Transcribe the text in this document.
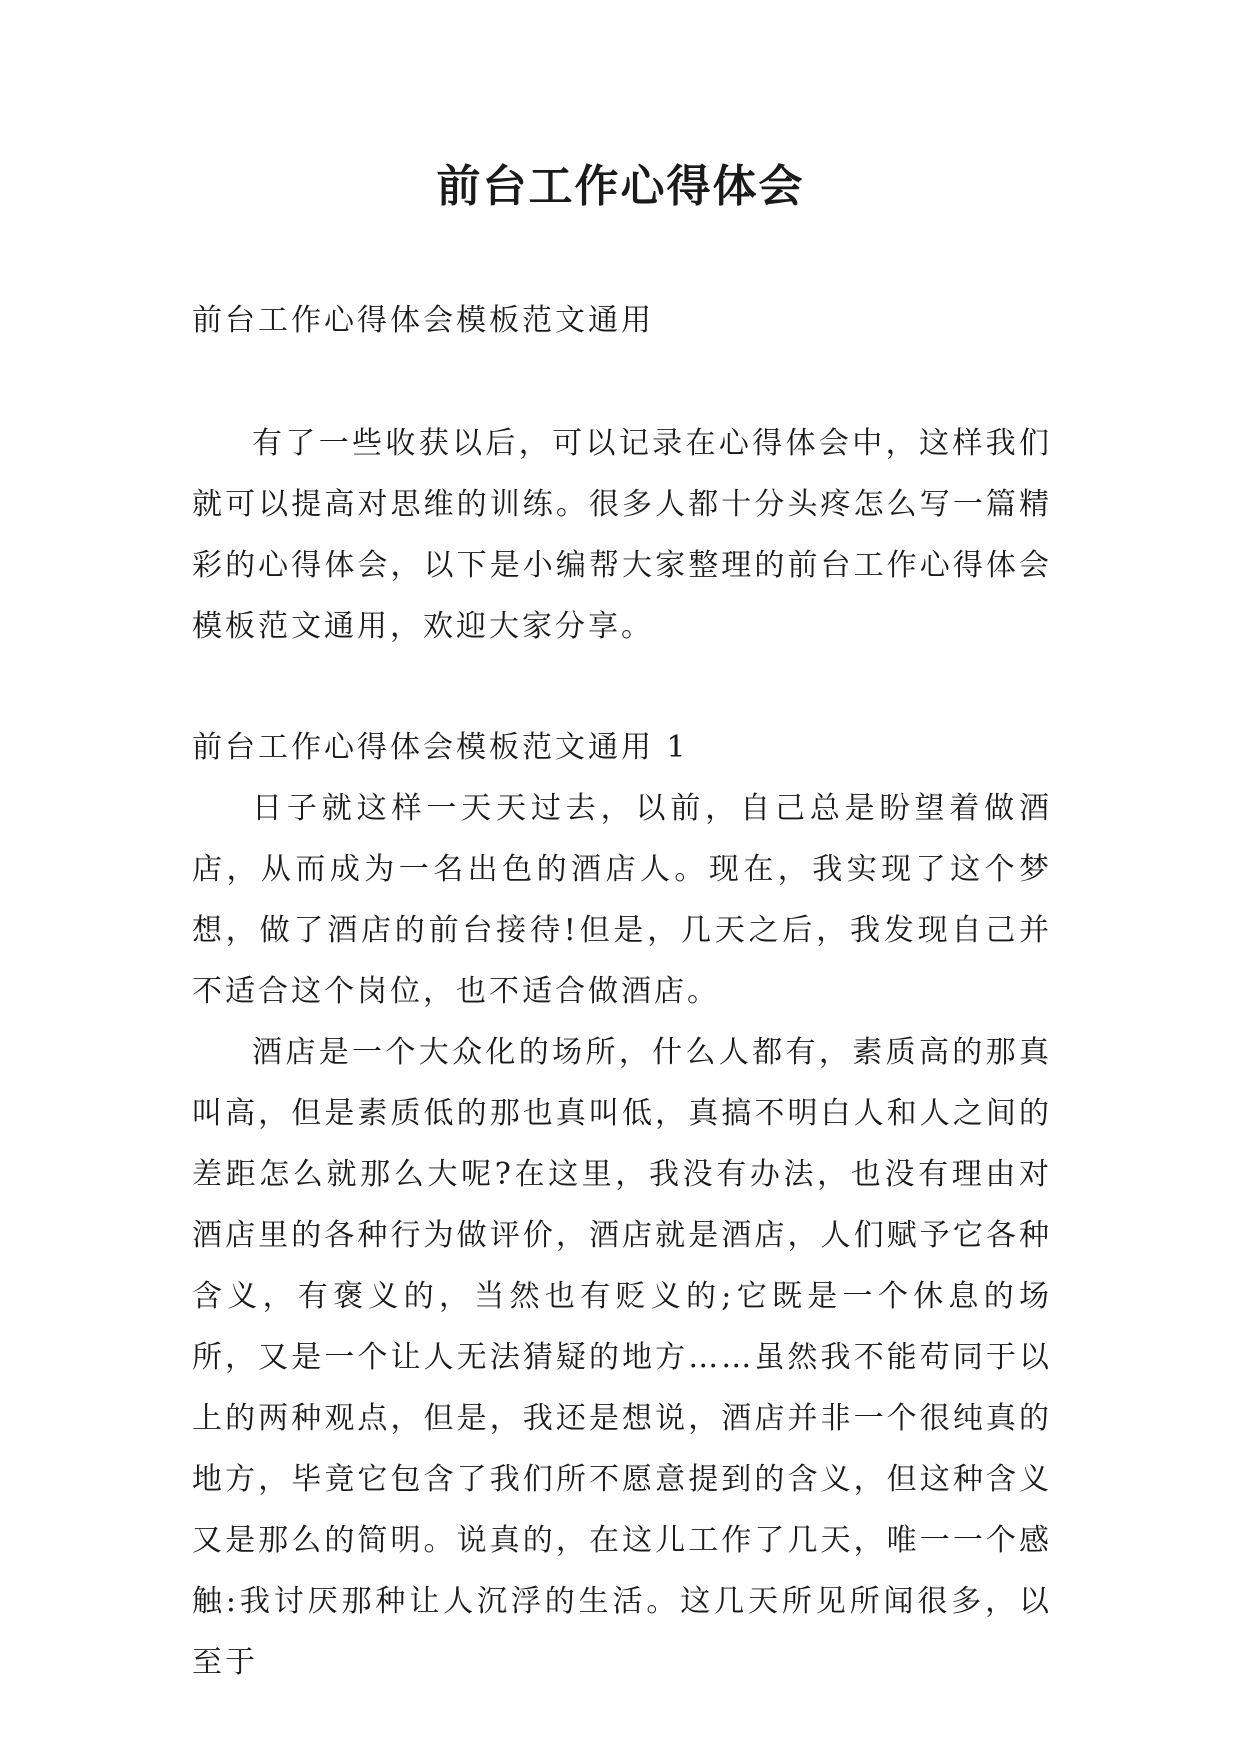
前台工作心得体会
前台工作心得体会模板范文通用

有了一些收获以后，可以记录在心得体会中，这样我们就可以提高对思维的训练。很多人都十分头疼怎么写一篇精彩的心得体会，以下是小编帮大家整理的前台工作心得体会模板范文通用，欢迎大家分享。

前台工作心得体会模板范文通用 1

日子就这样一天天过去，以前，自己总是盼望着做酒店，从而成为一名出色的酒店人。现在，我实现了这个梦想，做了酒店的前台接待!但是，几天之后，我发现自己并不适合这个岗位，也不适合做酒店。

酒店是一个大众化的场所，什么人都有，素质高的那真叫高，但是素质低的那也真叫低，真搞不明白人和人之间的差距怎么就那么大呢?在这里，我没有办法，也没有理由对酒店里的各种行为做评价，酒店就是酒店，人们赋予它各种含义，有褒义的，当然也有贬义的;它既是一个休息的场所，又是一个让人无法猜疑的地方……虽然我不能苟同于以上的两种观点，但是，我还是想说，酒店并非一个很纯真的地方，毕竟它包含了我们所不愿意提到的含义，但这种含义又是那么的简明。说真的，在这儿工作了几天，唯一一个感触:我讨厌那种让人沉浮的生活。这几天所见所闻很多，以至于
